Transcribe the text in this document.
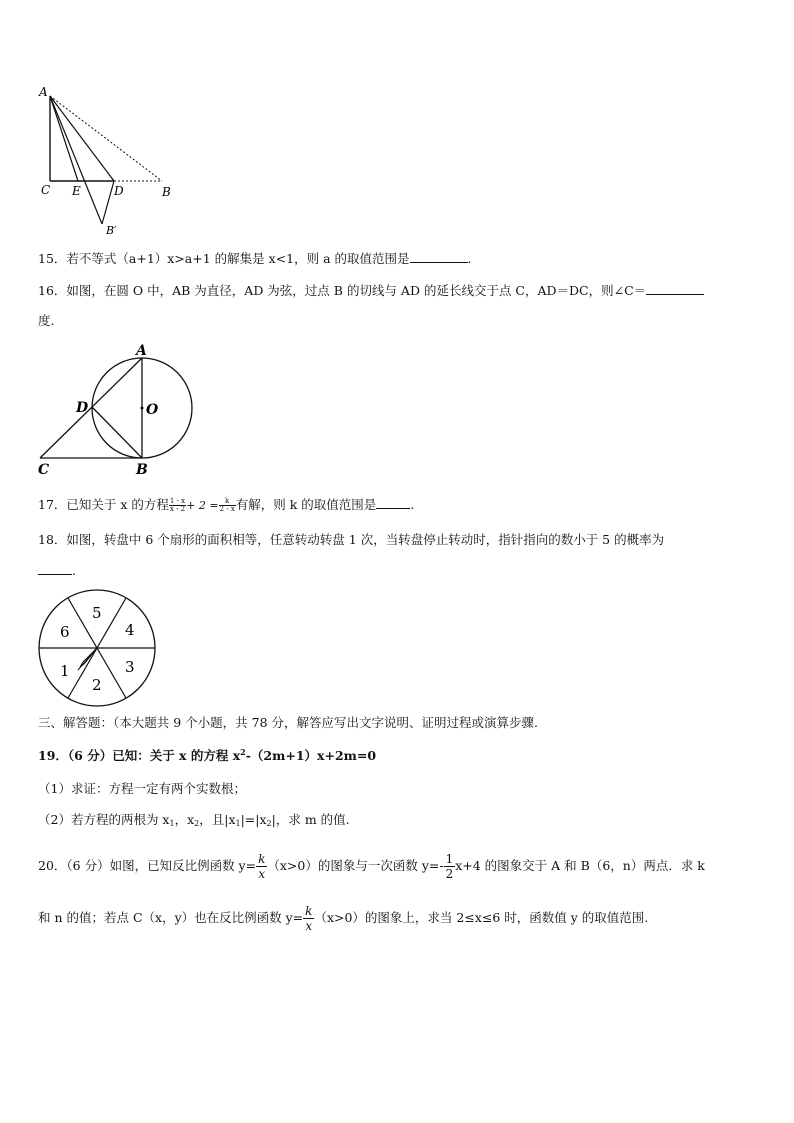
A
C E	D	B
B′
15．若不等式（a+1）x>a+1 的解集是 x<1，则 a 的取值范围是	.
16．如图，在圆 O 中，AB 为直径，AD 为弦，过点 B 的切线与 AD 的延长线交于点 C，AD＝DC，则∠C＝
度.
A
D	O
C	B
17．已知关于 x 的方程 $\frac{1 - x}{x - 2} + 2 = \frac{k}{2 - x}$ 有解，则 k 的取值范围是	.
18．如图，转盘中 6 个扇形的面积相等，任意转动转盘 1 次，当转盘停止转动时，指针指向的数小于 5 的概率为
.
5
4
3
2
1
6
三、解答题：（本大题共 9 个小题，共 78 分，解答应写出文字说明、证明过程或演算步骤.
19．（6 分）已知：关于 x 的方程 $x^2-(2m+1)x+2m=0$
（1）求证：方程一定有两个实数根；
（2）若方程的两根为 $x_1$，$x_2$，且$|x_1|=|x_2|$，求 m 的值.
20．（6 分）如图，已知反比例函数 $y= \frac{k}{x} (x>0)$的图象与一次函数 $y=- \frac{1}{2} x+4$ 的图象交于 A 和 B（6，n）两点．求 k
和 n 的值；若点 C（x，y）也在反比例函数 $y= \frac{k}{x} (x>0)$的图象上，求当 2≤x≤6 时，函数值 y 的取值范围.
